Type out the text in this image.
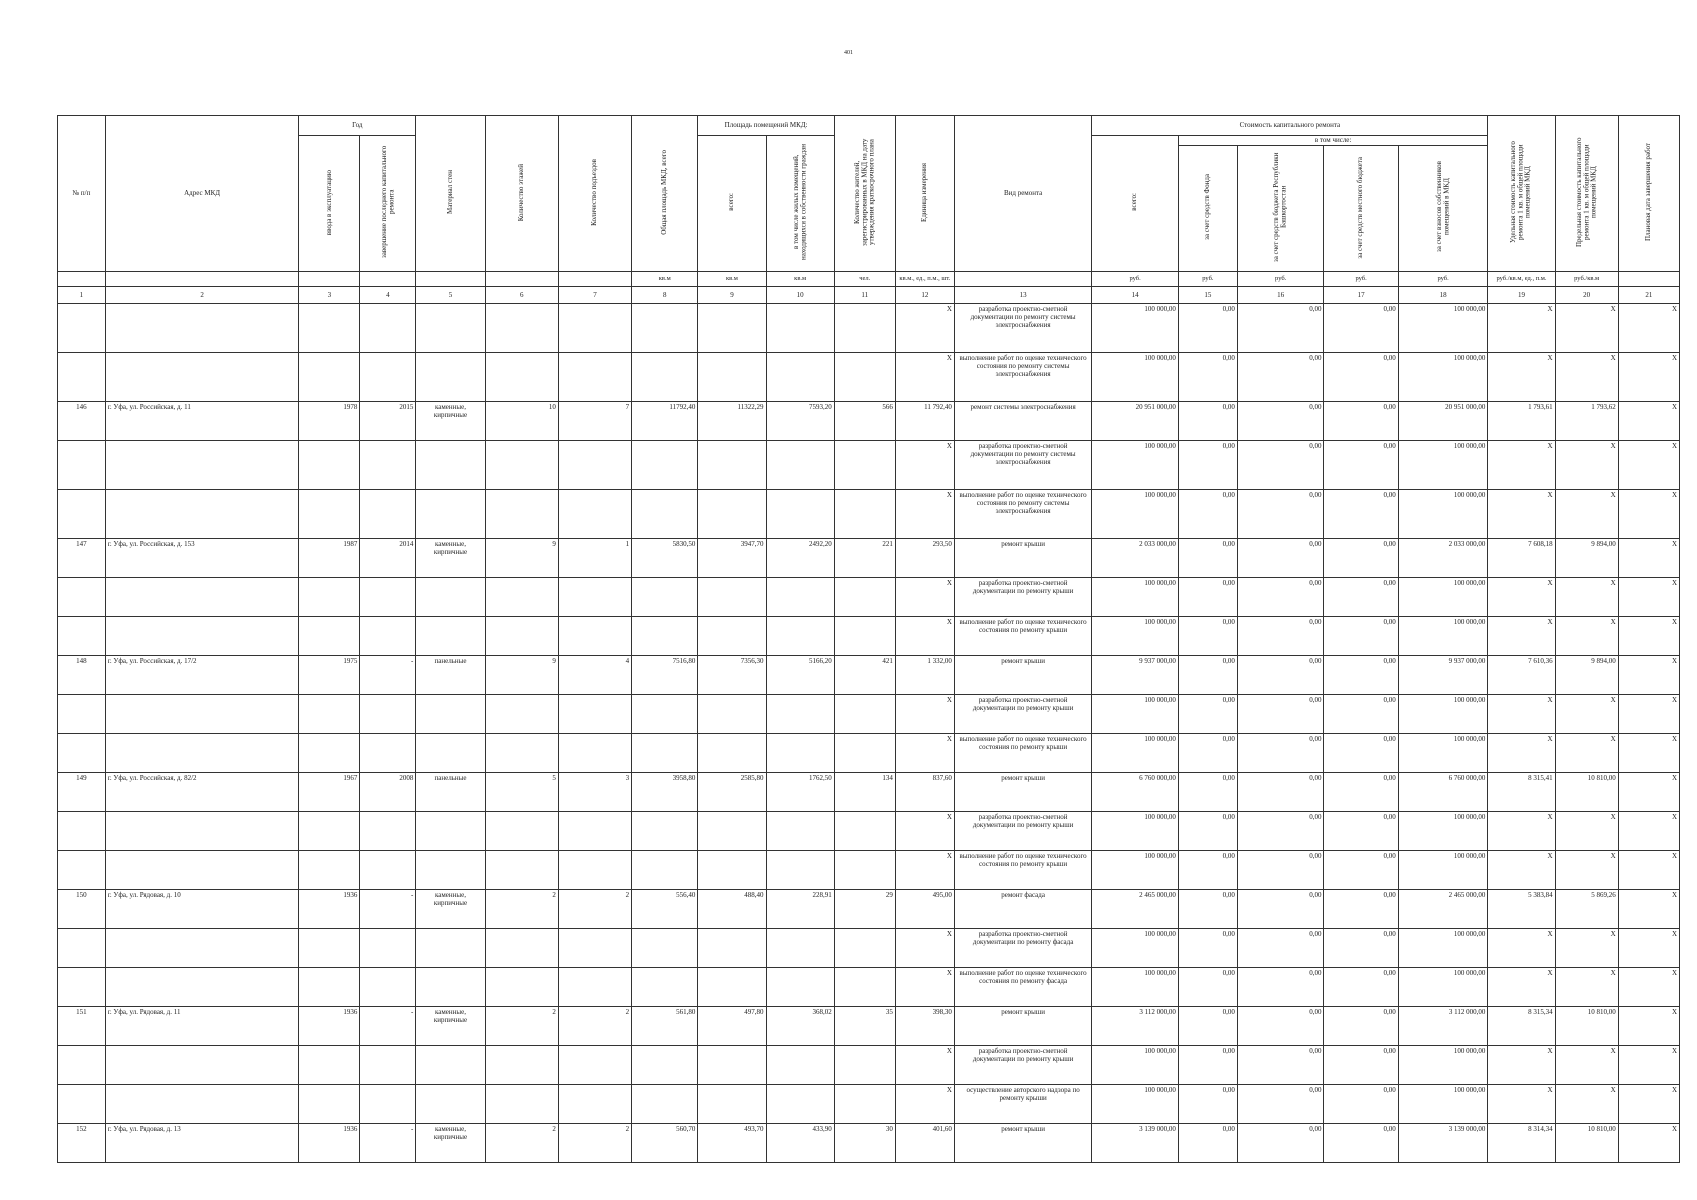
401
№ п/п	Адрес МКД	Год		Материал стен	Количество этажей	Количество подъездов	Общая площадь МКД, всего	Площадь помещений МКД:		Количество жителей, зарегистрированных в МКД на дату утверждения краткосрочного плана	Единица измерения	Вид ремонта	Стоимость капитального ремонта					Удельная стоимость капитального ремонта 1 кв. м общей площади помещений МКД	Предельная стоимость капитального ремонта 1 кв. м общей площади помещений МКД	Плановая дата завершения работ
		ввода в эксплуатацию	завершение последнего капитального ремонта					всего:	в том числе жилых помещений, находящихся в собственности граждан				всего:	в том числе:						
														за счет средств Фонда	за счет средств бюджета Республики Башкортостан	за счет средств местного бюджета	за счет взносов собственников помещений в МКД			
							кв.м	кв.м	кв.м	чел.	кв.м., ед., п.м., шт.		руб.	руб.	руб.	руб.	руб.	руб./кв.м, ед., п.м.	руб./кв.м	
1	2	3	4	5	6	7	8	9	10	11	12	13	14	15	16	17	18	19	20	21
											X	разработка проектно-сметной документации по ремонту системы электроснабжения	100 000,00	0,00	0,00	0,00	100 000,00	X	X	X
											X	выполнение работ по оценке технического состояния по ремонту системы электроснабжения	100 000,00	0,00	0,00	0,00	100 000,00	X	X	X
146	г. Уфа, ул. Российская, д. 11	1978	2015	каменные, кирпичные	10	7	11792,40	11322,29	7593,20	566	11 792,40	ремонт системы электроснабжения	20 951 000,00	0,00	0,00	0,00	20 951 000,00	1 793,61	1 793,62	X
											X	разработка проектно-сметной документации по ремонту системы электроснабжения	100 000,00	0,00	0,00	0,00	100 000,00	X	X	X
											X	выполнение работ по оценке технического состояния по ремонту системы электроснабжения	100 000,00	0,00	0,00	0,00	100 000,00	X	X	X
147	г. Уфа, ул. Российская, д. 153	1987	2014	каменные, кирпичные	9	1	5830,50	3947,70	2492,20	221	293,50	ремонт крыши	2 033 000,00	0,00	0,00	0,00	2 033 000,00	7 608,18	9 894,00	X
											X	разработка проектно-сметной документации по ремонту крыши	100 000,00	0,00	0,00	0,00	100 000,00	X	X	X
											X	выполнение работ по оценке технического состояния по ремонту крыши	100 000,00	0,00	0,00	0,00	100 000,00	X	X	X
148	г. Уфа, ул. Российская, д. 17/2	1975	-	панельные	9	4	7516,80	7356,30	5166,20	421	1 332,00	ремонт крыши	9 937 000,00	0,00	0,00	0,00	9 937 000,00	7 610,36	9 894,00	X
											X	разработка проектно-сметной документации по ремонту крыши	100 000,00	0,00	0,00	0,00	100 000,00	X	X	X
											X	выполнение работ по оценке технического состояния по ремонту крыши	100 000,00	0,00	0,00	0,00	100 000,00	X	X	X
149	г. Уфа, ул. Российская, д. 82/2	1967	2008	панельные	5	3	3958,80	2585,80	1762,50	134	837,60	ремонт крыши	6 760 000,00	0,00	0,00	0,00	6 760 000,00	8 315,41	10 810,00	X
											X	разработка проектно-сметной документации по ремонту крыши	100 000,00	0,00	0,00	0,00	100 000,00	X	X	X
											X	выполнение работ по оценке технического состояния по ремонту крыши	100 000,00	0,00	0,00	0,00	100 000,00	X	X	X
150	г. Уфа, ул. Рядовая, д. 10	1936	-	каменные, кирпичные	2	2	556,40	488,40	228,91	29	495,00	ремонт фасада	2 465 000,00	0,00	0,00	0,00	2 465 000,00	5 383,84	5 869,26	X
											X	разработка проектно-сметной документации по ремонту фасада	100 000,00	0,00	0,00	0,00	100 000,00	X	X	X
											X	выполнение работ по оценке технического состояния по ремонту фасада	100 000,00	0,00	0,00	0,00	100 000,00	X	X	X
151	г. Уфа, ул. Рядовая, д. 11	1936	-	каменные, кирпичные	2	2	561,80	497,80	368,02	35	398,30	ремонт крыши	3 112 000,00	0,00	0,00	0,00	3 112 000,00	8 315,34	10 810,00	X
											X	разработка проектно-сметной документации по ремонту крыши	100 000,00	0,00	0,00	0,00	100 000,00	X	X	X
											X	осуществление авторского надзора по ремонту крыши	100 000,00	0,00	0,00	0,00	100 000,00	X	X	X
152	г. Уфа, ул. Рядовая, д. 13	1936	-	каменные, кирпичные	2	2	560,70	493,70	433,90	30	401,60	ремонт крыши	3 139 000,00	0,00	0,00	0,00	3 139 000,00	8 314,34	10 810,00	X
